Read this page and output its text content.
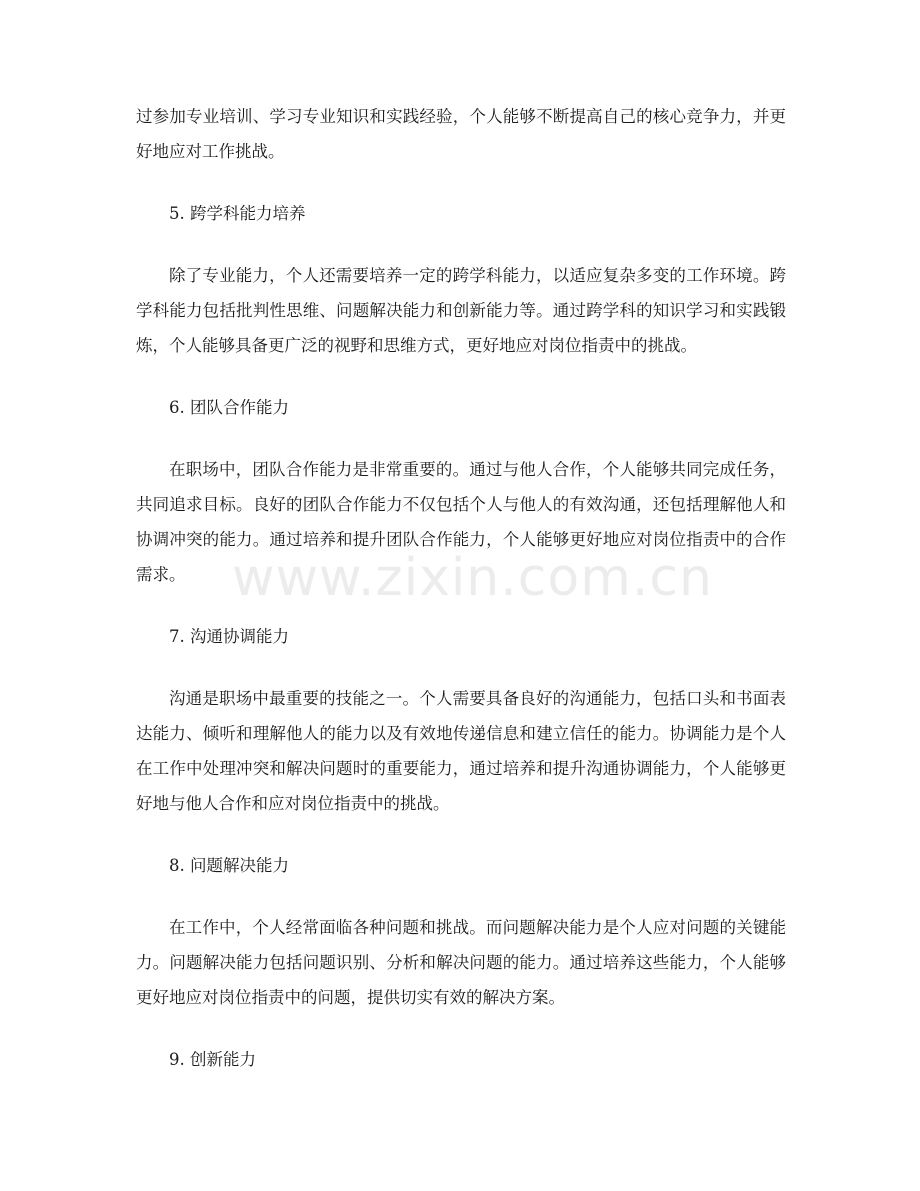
www.zixin.com.cn

过参加专业培训、学习专业知识和实践经验，个人能够不断提高自己的核心竞争力，并更好地应对工作挑战。

5. 跨学科能力培养

除了专业能力，个人还需要培养一定的跨学科能力，以适应复杂多变的工作环境。跨学科能力包括批判性思维、问题解决能力和创新能力等。通过跨学科的知识学习和实践锻炼，个人能够具备更广泛的视野和思维方式，更好地应对岗位指责中的挑战。

6. 团队合作能力

在职场中，团队合作能力是非常重要的。通过与他人合作，个人能够共同完成任务，共同追求目标。良好的团队合作能力不仅包括个人与他人的有效沟通，还包括理解他人和协调冲突的能力。通过培养和提升团队合作能力，个人能够更好地应对岗位指责中的合作需求。

7. 沟通协调能力

沟通是职场中最重要的技能之一。个人需要具备良好的沟通能力，包括口头和书面表达能力、倾听和理解他人的能力以及有效地传递信息和建立信任的能力。协调能力是个人在工作中处理冲突和解决问题时的重要能力，通过培养和提升沟通协调能力，个人能够更好地与他人合作和应对岗位指责中的挑战。

8. 问题解决能力

在工作中，个人经常面临各种问题和挑战。而问题解决能力是个人应对问题的关键能力。问题解决能力包括问题识别、分析和解决问题的能力。通过培养这些能力，个人能够更好地应对岗位指责中的问题，提供切实有效的解决方案。

9. 创新能力
